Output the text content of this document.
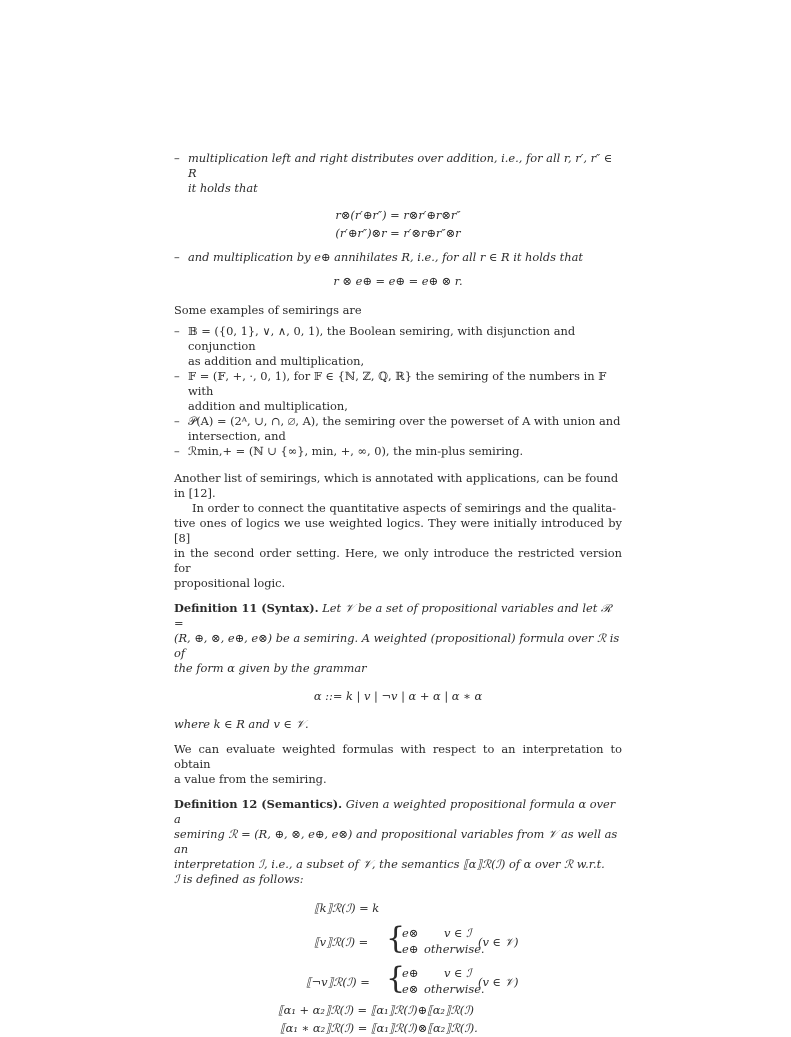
– multiplication left and right distributes over addition, i.e., for all r, r′, r″ ∈ R
it holds that
r⊗(r′⊕r″) = r⊗r′⊕r⊗r″
(r′⊕r″)⊗r = r′⊗r⊕r″⊗r
– and multiplication by e⊕ annihilates R, i.e., for all r ∈ R it holds that
r ⊗ e⊕ = e⊕ = e⊕ ⊗ r.

Some examples of semirings are

– 𝔹 = ({0, 1}, ∨, ∧, 0, 1), the Boolean semiring, with disjunction and conjunction
as addition and multiplication,
– 𝔽 = (𝔽, +, ·, 0, 1), for 𝔽 ∈ {ℕ, ℤ, ℚ, ℝ} the semiring of the numbers in 𝔽 with
addition and multiplication,
– 𝒫(A) = (2ᴬ, ∪, ∩, ∅, A), the semiring over the powerset of A with union and
intersection, and
– ℛmin,+ = (ℕ ∪ {∞}, min, +, ∞, 0), the min-plus semiring.

Another list of semirings, which is annotated with applications, can be found

in [12].

In order to connect the quantitative aspects of semirings and the qualita-

tive ones of logics we use weighted logics. They were initially introduced by [8]

in the second order setting. Here, we only introduce the restricted version for

propositional logic.

Definition 11 (Syntax). Let 𝒱 be a set of propositional variables and let ℛ =
(R, ⊕, ⊗, e⊕, e⊗) be a semiring. A weighted (propositional) formula over ℛ is of
the form α given by the grammar
α ::= k | v | ¬v | α + α | α ∗ α
where k ∈ R and v ∈ 𝒱.

We can evaluate weighted formulas with respect to an interpretation to obtain

a value from the semiring.

Definition 12 (Semantics). Given a weighted propositional formula α over a
semiring ℛ = (R, ⊕, ⊗, e⊕, e⊗) and propositional variables from 𝒱 as well as an
interpretation ℐ, i.e., a subset of 𝒱, the semantics ⟦α⟧ℛ(ℐ) of α over ℛ w.r.t.
ℐ is defined as follows:
⟦k⟧ℛ(ℐ) = k
⟦v⟧ℛ(ℐ) = {
e⊗ v ∈ ℐ
e⊕ otherwise.
(v ∈ 𝒱)
⟦¬v⟧ℛ(ℐ) = {
e⊕ v ∈ ℐ
e⊗ otherwise.
(v ∈ 𝒱)
⟦α₁ + α₂⟧ℛ(ℐ) = ⟦α₁⟧ℛ(ℐ)⊕⟦α₂⟧ℛ(ℐ)
⟦α₁ ∗ α₂⟧ℛ(ℐ) = ⟦α₁⟧ℛ(ℐ)⊗⟦α₂⟧ℛ(ℐ).
